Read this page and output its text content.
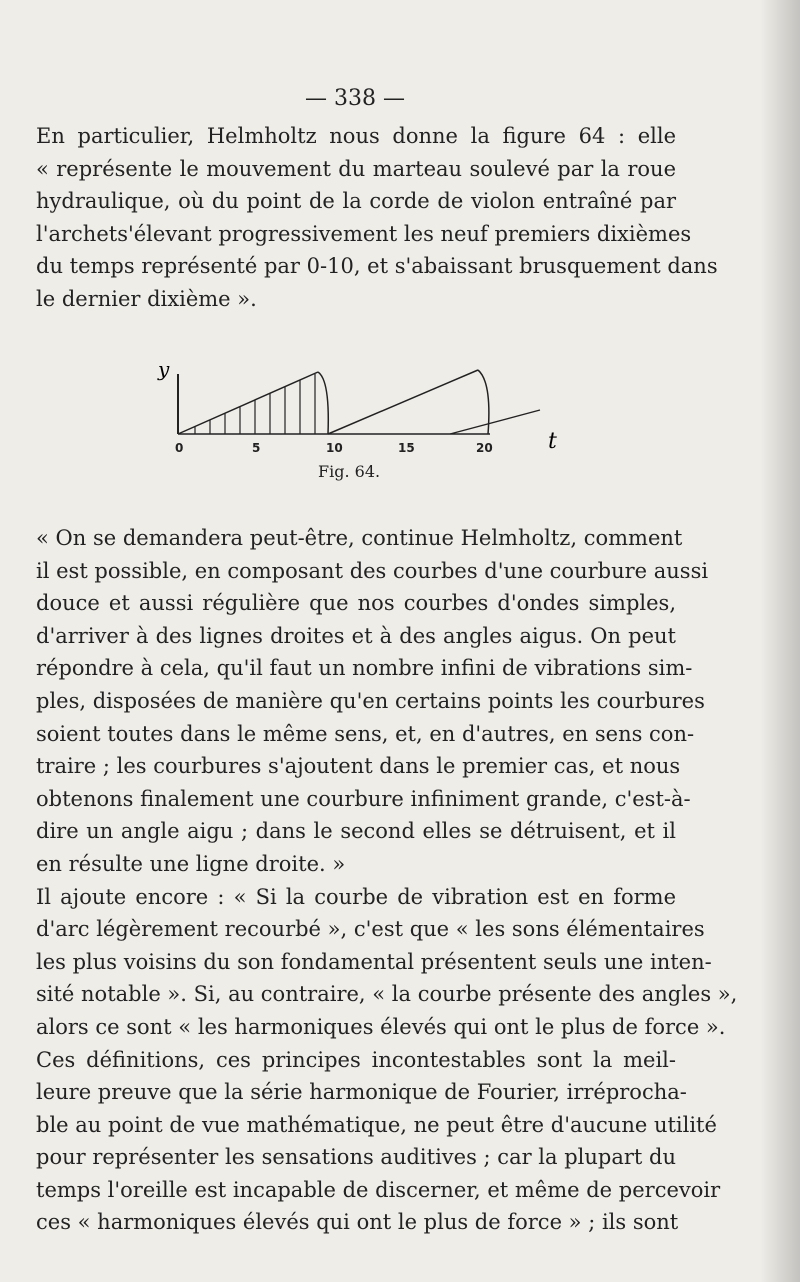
— 338 —
En particulier, Helmholtz nous donne la figure 64 : elle
« représente le mouvement du marteau soulevé par la roue
hydraulique, où du point de la corde de violon entraîné par
l'archets'élevant progressivement les neuf premiers dixièmes
du temps représenté par 0-10, et s'abaissant brusquement dans
le dernier dixième ».
y
t
0	5	10	15	20
Fig. 64.
« On se demandera peut-être, continue Helmholtz, comment
il est possible, en composant des courbes d'une courbure aussi
douce et aussi régulière que nos courbes d'ondes simples,
d'arriver à des lignes droites et à des angles aigus. On peut
répondre à cela, qu'il faut un nombre infini de vibrations sim-
ples, disposées de manière qu'en certains points les courbures
soient toutes dans le même sens, et, en d'autres, en sens con-
traire ; les courbures s'ajoutent dans le premier cas, et nous
obtenons finalement une courbure infiniment grande, c'est-à-
dire un angle aigu ; dans le second elles se détruisent, et il
en résulte une ligne droite. »
Il ajoute encore : « Si la courbe de vibration est en forme
d'arc légèrement recourbé », c'est que « les sons élémentaires
les plus voisins du son fondamental présentent seuls une inten-
sité notable ». Si, au contraire, « la courbe présente des angles »,
alors ce sont « les harmoniques élevés qui ont le plus de force ».
Ces définitions, ces principes incontestables sont la meil-
leure preuve que la série harmonique de Fourier, irréprocha-
ble au point de vue mathématique, ne peut être d'aucune utilité
pour représenter les sensations auditives ; car la plupart du
temps l'oreille est incapable de discerner, et même de percevoir
ces « harmoniques élevés qui ont le plus de force » ; ils sont
